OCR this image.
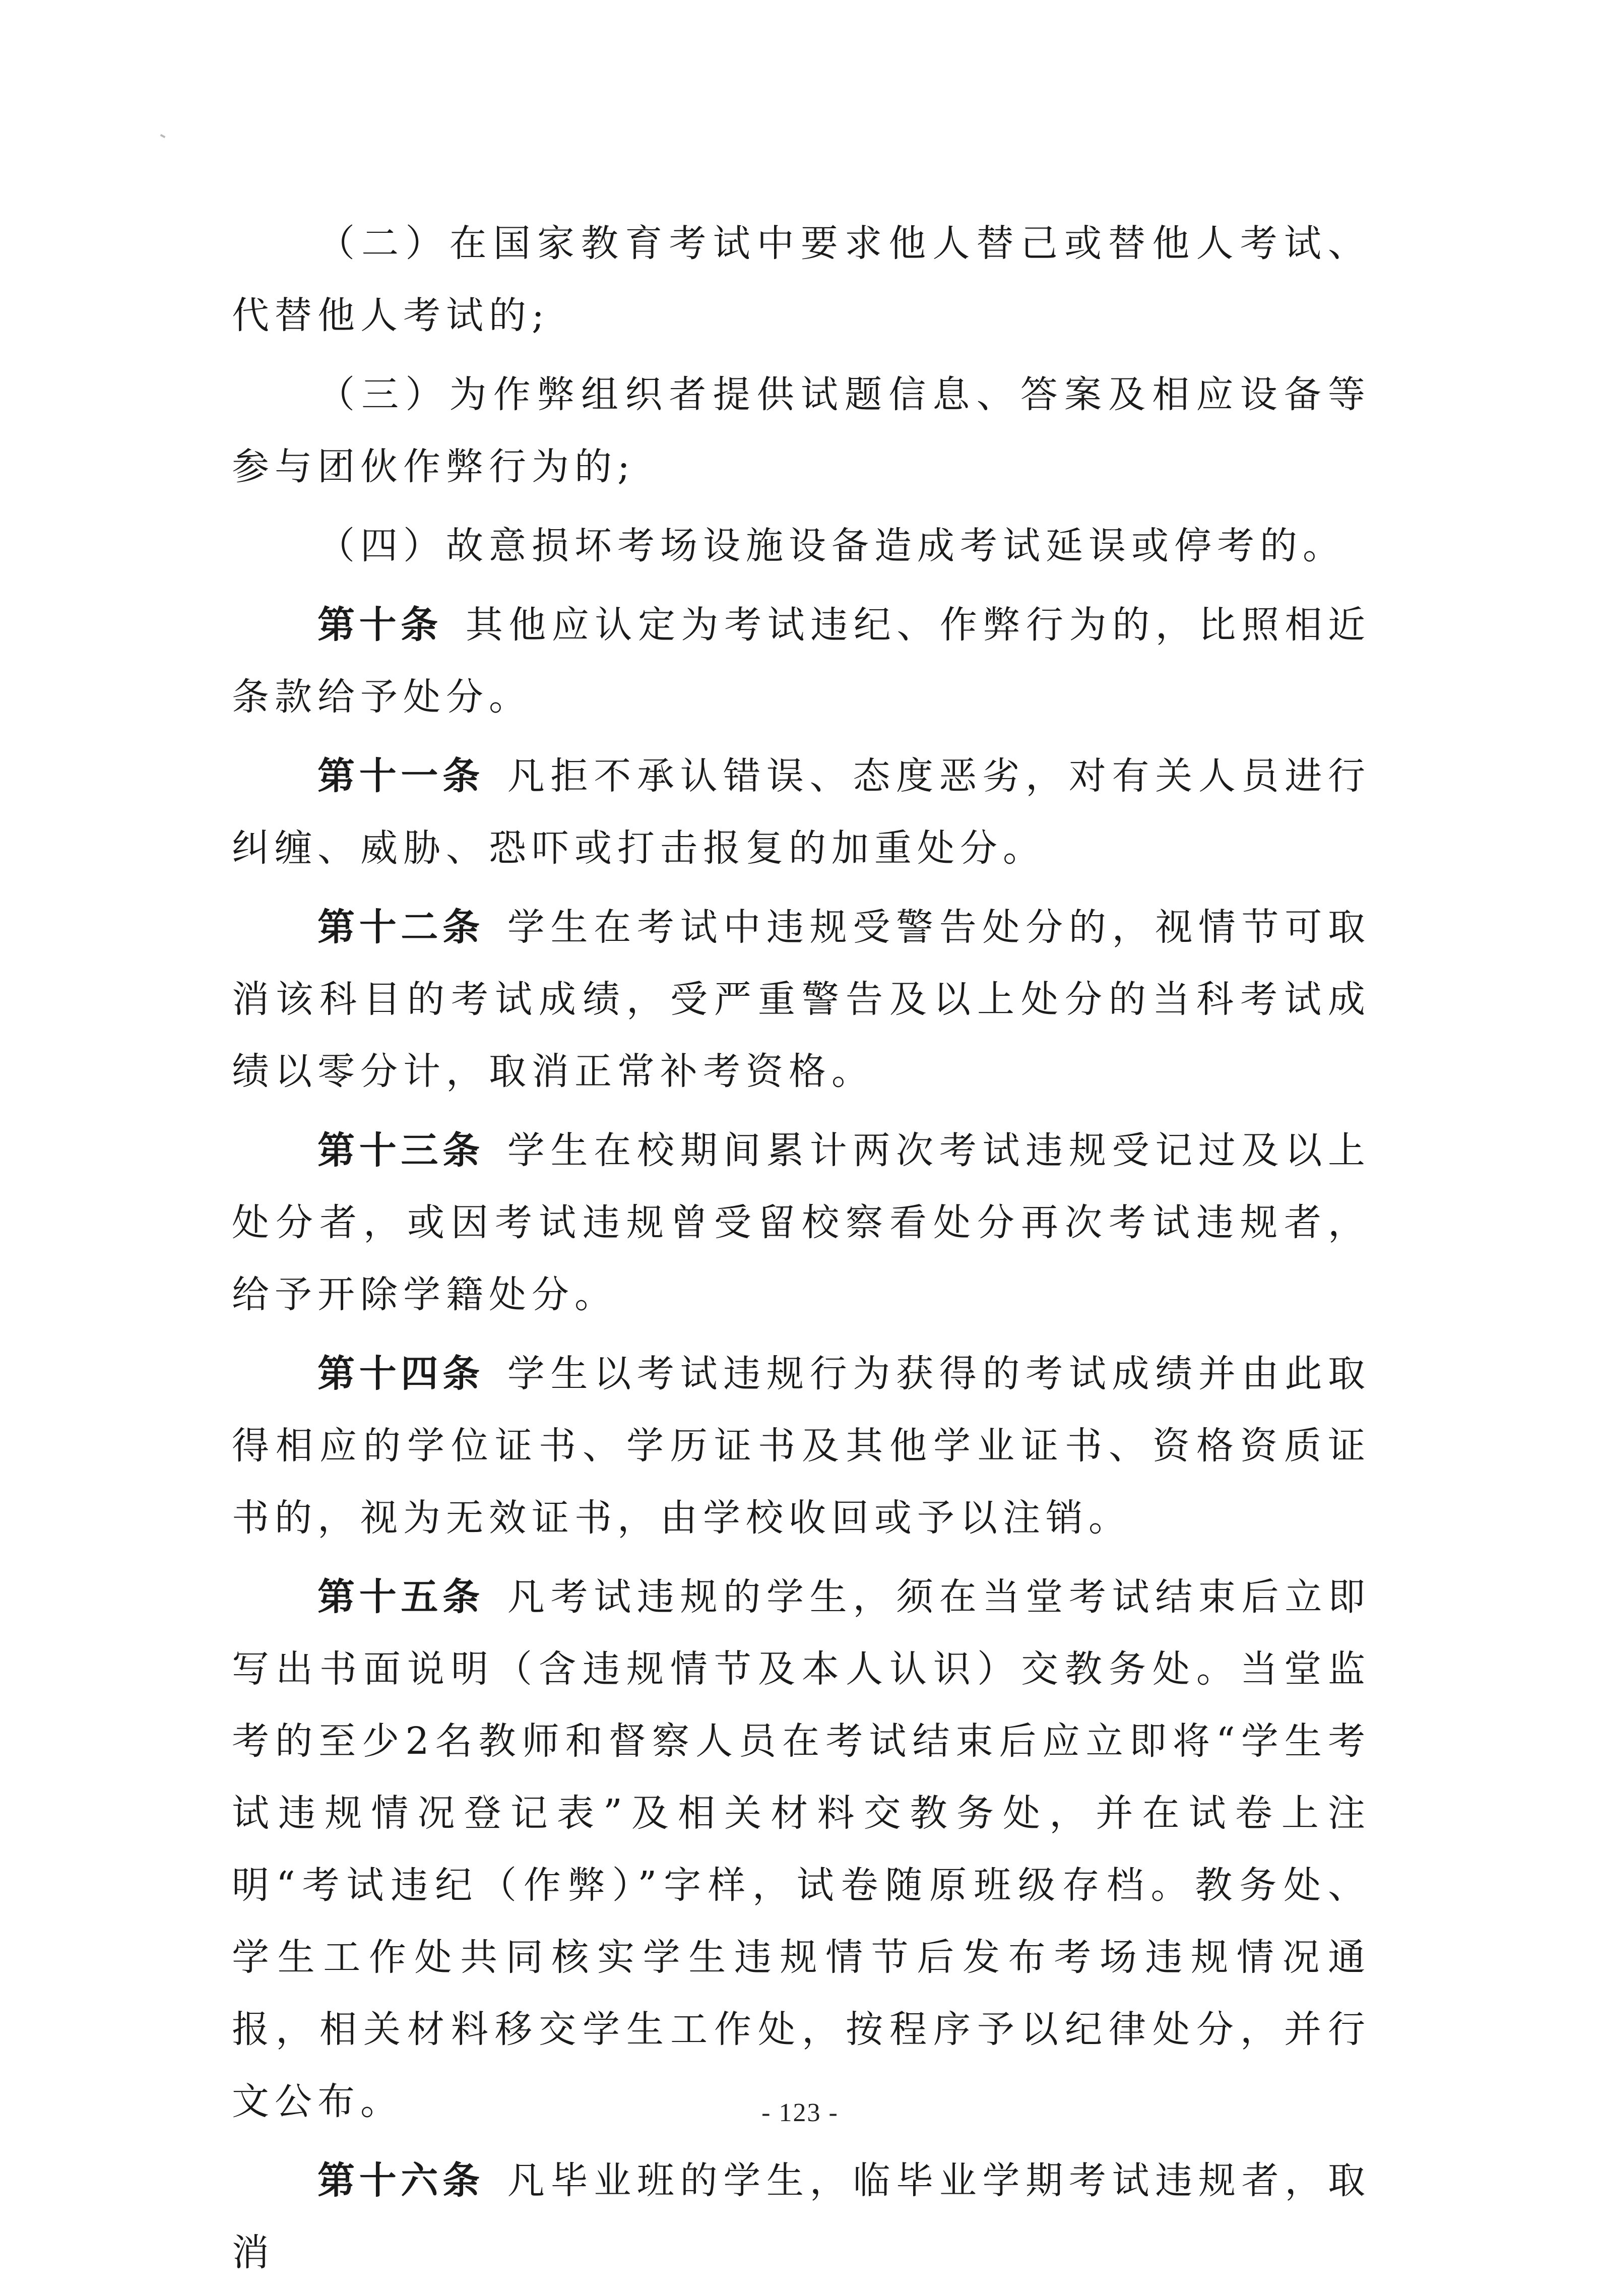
（二）在国家教育考试中要求他人替己或替他人考试、代替他人考试的;

（三）为作弊组织者提供试题信息、答案及相应设备等参与团伙作弊行为的;

（四）故意损坏考场设施设备造成考试延误或停考的。

第十条 其他应认定为考试违纪、作弊行为的，比照相近条款给予处分。

第十一条 凡拒不承认错误、态度恶劣，对有关人员进行纠缠、威胁、恐吓或打击报复的加重处分。

第十二条 学生在考试中违规受警告处分的，视情节可取消该科目的考试成绩，受严重警告及以上处分的当科考试成绩以零分计，取消正常补考资格。

第十三条 学生在校期间累计两次考试违规受记过及以上处分者，或因考试违规曾受留校察看处分再次考试违规者，给予开除学籍处分。

第十四条 学生以考试违规行为获得的考试成绩并由此取得相应的学位证书、学历证书及其他学业证书、资格资质证书的，视为无效证书，由学校收回或予以注销。

第十五条 凡考试违规的学生，须在当堂考试结束后立即写出书面说明（含违规情节及本人认识）交教务处。当堂监考的至少2名教师和督察人员在考试结束后应立即将“学生考试违规情况登记表”及相关材料交教务处，并在试卷上注明“考试违纪（作弊）”字样，试卷随原班级存档。教务处、学生工作处共同核实学生违规情节后发布考场违规情况通报，相关材料移交学生工作处，按程序予以纪律处分，并行文公布。

第十六条 凡毕业班的学生，临毕业学期考试违规者，取消

- 123 -
